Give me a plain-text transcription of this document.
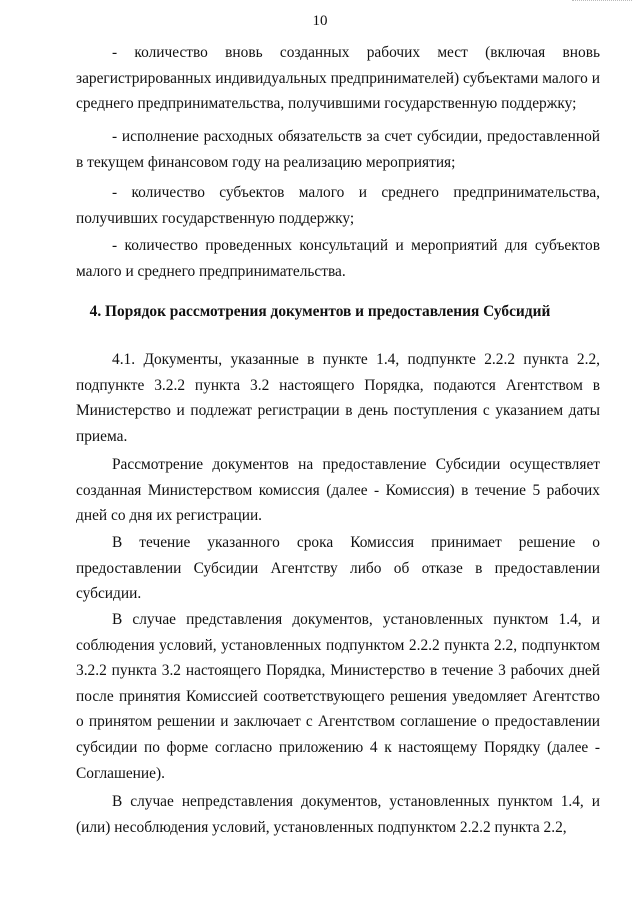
10

- количество вновь созданных рабочих мест (включая вновь зарегистрированных индивидуальных предпринимателей) субъектами малого и среднего предпринимательства, получившими государственную поддержку;

- исполнение расходных обязательств за счет субсидии, предоставленной в текущем финансовом году на реализацию мероприятия;

- количество субъектов малого и среднего предпринимательства, получивших государственную поддержку;

- количество проведенных консультаций и мероприятий для субъектов малого и среднего предпринимательства.

4. Порядок рассмотрения документов и предоставления Субсидий

4.1. Документы, указанные в пункте 1.4, подпункте 2.2.2 пункта 2.2, подпункте 3.2.2 пункта 3.2 настоящего Порядка, подаются Агентством в Министерство и подлежат регистрации в день поступления с указанием даты приема.

Рассмотрение документов на предоставление Субсидии осуществляет созданная Министерством комиссия (далее - Комиссия) в течение 5 рабочих дней со дня их регистрации.

В течение указанного срока Комиссия принимает решение о предоставлении Субсидии Агентству либо об отказе в предоставлении субсидии.

В случае представления документов, установленных пунктом 1.4, и соблюдения условий, установленных подпунктом 2.2.2 пункта 2.2, подпунктом 3.2.2 пункта 3.2 настоящего Порядка, Министерство в течение 3 рабочих дней после принятия Комиссией соответствующего решения уведомляет Агентство о принятом решении и заключает с Агентством соглашение о предоставлении субсидии по форме согласно приложению 4 к настоящему Порядку (далее - Соглашение).

В случае непредставления документов, установленных пунктом 1.4, и (или) несоблюдения условий, установленных подпунктом 2.2.2 пункта 2.2,
